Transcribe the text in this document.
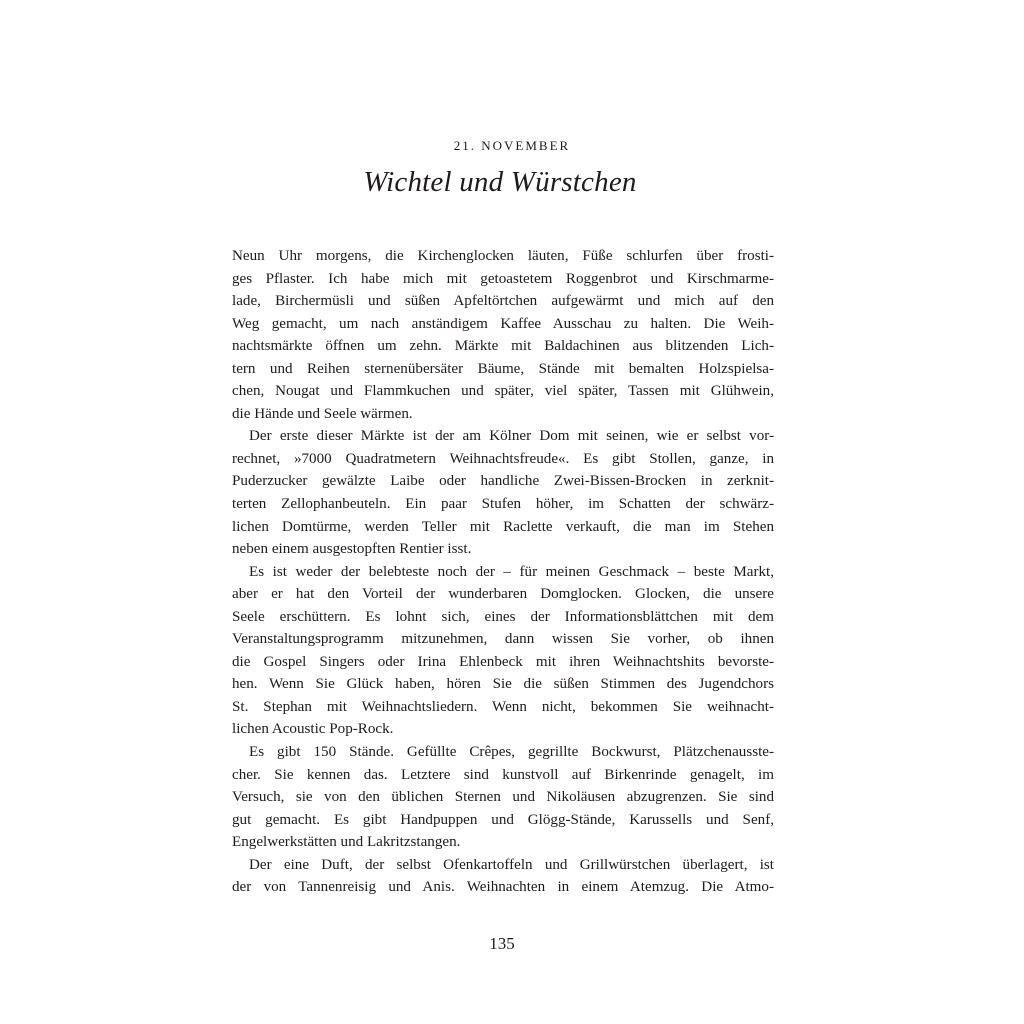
21. NOVEMBER
Wichtel und Würstchen
Neun Uhr morgens, die Kirchenglocken läuten, Füße schlurfen über frosti-
ges Pflaster. Ich habe mich mit getoastetem Roggenbrot und Kirschmarme-
lade, Birchermüsli und süßen Apfeltörtchen aufgewärmt und mich auf den
Weg gemacht, um nach anständigem Kaffee Ausschau zu halten. Die Weih-
nachtsmärkte öffnen um zehn. Märkte mit Baldachinen aus blitzenden Lich-
tern und Reihen sternenübersäter Bäume, Stände mit bemalten Holzspielsa-
chen, Nougat und Flammkuchen und später, viel später, Tassen mit Glühwein,
die Hände und Seele wärmen.
Der erste dieser Märkte ist der am Kölner Dom mit seinen, wie er selbst vor-
rechnet, »7000 Quadratmetern Weihnachtsfreude«. Es gibt Stollen, ganze, in
Puderzucker gewälzte Laibe oder handliche Zwei-Bissen-Brocken in zerknit-
terten Zellophanbeuteln. Ein paar Stufen höher, im Schatten der schwärz-
lichen Domtürme, werden Teller mit Raclette verkauft, die man im Stehen
neben einem ausgestopften Rentier isst.
Es ist weder der belebteste noch der – für meinen Geschmack – beste Markt,
aber er hat den Vorteil der wunderbaren Domglocken. Glocken, die unsere
Seele erschüttern. Es lohnt sich, eines der Informationsblättchen mit dem
Veranstaltungsprogramm mitzunehmen, dann wissen Sie vorher, ob ihnen
die Gospel Singers oder Irina Ehlenbeck mit ihren Weihnachtshits bevorste-
hen. Wenn Sie Glück haben, hören Sie die süßen Stimmen des Jugendchors
St. Stephan mit Weihnachtsliedern. Wenn nicht, bekommen Sie weihnacht-
lichen Acoustic Pop-Rock.
Es gibt 150 Stände. Gefüllte Crêpes, gegrillte Bockwurst, Plätzchenausste-
cher. Sie kennen das. Letztere sind kunstvoll auf Birkenrinde genagelt, im
Versuch, sie von den üblichen Sternen und Nikoläusen abzugrenzen. Sie sind
gut gemacht. Es gibt Handpuppen und Glögg-Stände, Karussells und Senf,
Engelwerkstätten und Lakritzstangen.
Der eine Duft, der selbst Ofenkartoffeln und Grillwürstchen überlagert, ist
der von Tannenreisig und Anis. Weihnachten in einem Atemzug. Die Atmo-
135
